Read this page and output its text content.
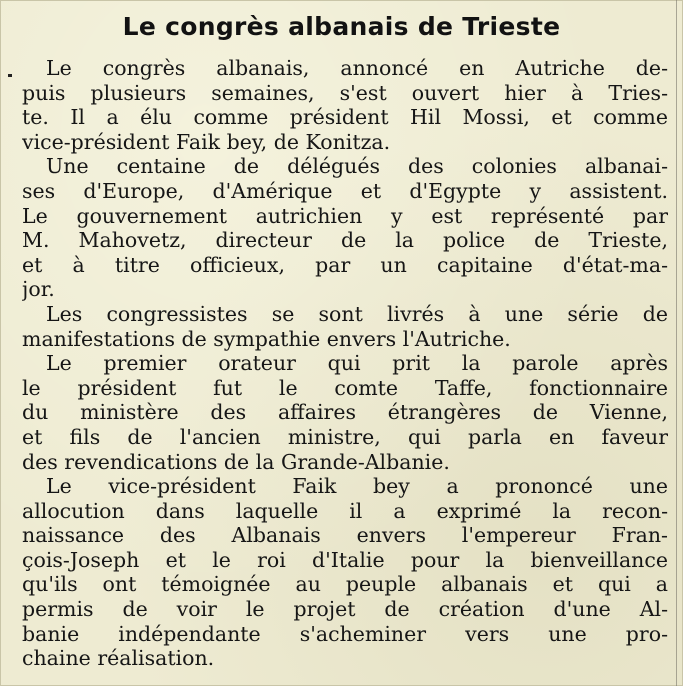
Le congrès albanais de Trieste
Le congrès albanais, annoncé en Autriche de-
puis plusieurs semaines, s'est ouvert hier à Tries-
te. Il a élu comme président Hil Mossi, et comme
vice-président Faik bey, de Konitza.
Une centaine de délégués des colonies albanai-
ses d'Europe, d'Amérique et d'Egypte y assistent.
Le gouvernement autrichien y est représenté par
M. Mahovetz, directeur de la police de Trieste,
et à titre officieux, par un capitaine d'état-ma-
jor.
Les congressistes se sont livrés à une série de
manifestations de sympathie envers l'Autriche.
Le premier orateur qui prit la parole après
le président fut le comte Taffe, fonctionnaire
du ministère des affaires étrangères de Vienne,
et fils de l'ancien ministre, qui parla en faveur
des revendications de la Grande-Albanie.
Le vice-président Faik bey a prononcé une
allocution dans laquelle il a exprimé la recon-
naissance des Albanais envers l'empereur Fran-
çois-Joseph et le roi d'Italie pour la bienveillance
qu'ils ont témoignée au peuple albanais et qui a
permis de voir le projet de création d'une Al-
banie indépendante s'acheminer vers une pro-
chaine réalisation.
